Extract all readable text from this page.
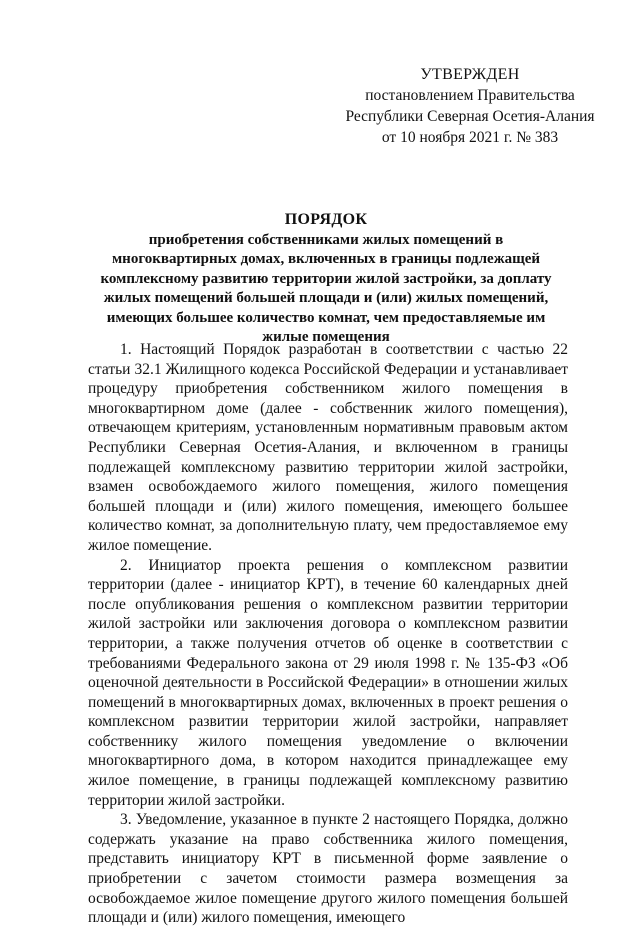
УТВЕРЖДЕН
постановлением Правительства
Республики Северная Осетия-Алания
от 10 ноября 2021 г. № 383
ПОРЯДОК
приобретения собственниками жилых помещений в многоквартирных домах, включенных в границы подлежащей комплексному развитию территории жилой застройки, за доплату жилых помещений большей площади и (или) жилых помещений, имеющих большее количество комнат, чем предоставляемые им жилые помещения

1. Настоящий Порядок разработан в соответствии с частью 22 статьи 32.1 Жилищного кодекса Российской Федерации и устанавливает процедуру приобретения собственником жилого помещения в многоквартирном доме (далее - собственник жилого помещения), отвечающем критериям, установленным нормативным правовым актом Республики Северная Осетия-Алания, и включенном в границы подлежащей комплексному развитию территории жилой застройки, взамен освобождаемого жилого помещения, жилого помещения большей площади и (или) жилого помещения, имеющего большее количество комнат, за дополнительную плату, чем предоставляемое ему жилое помещение.

2. Инициатор проекта решения о комплексном развитии территории (далее - инициатор КРТ), в течение 60 календарных дней после опубликования решения о комплексном развитии территории жилой застройки или заключения договора о комплексном развитии территории, а также получения отчетов об оценке в соответствии с требованиями Федерального закона от 29 июля 1998 г. № 135-ФЗ «Об оценочной деятельности в Российской Федерации» в отношении жилых помещений в многоквартирных домах, включенных в проект решения о комплексном развитии территории жилой застройки, направляет собственнику жилого помещения уведомление о включении многоквартирного дома, в котором находится принадлежащее ему жилое помещение, в границы подлежащей комплексному развитию территории жилой застройки.

3. Уведомление, указанное в пункте 2 настоящего Порядка, должно содержать указание на право собственника жилого помещения, представить инициатору КРТ в письменной форме заявление о приобретении с зачетом стоимости размера возмещения за освобождаемое жилое помещение другого жилого помещения большей площади и (или) жилого помещения, имеющего
